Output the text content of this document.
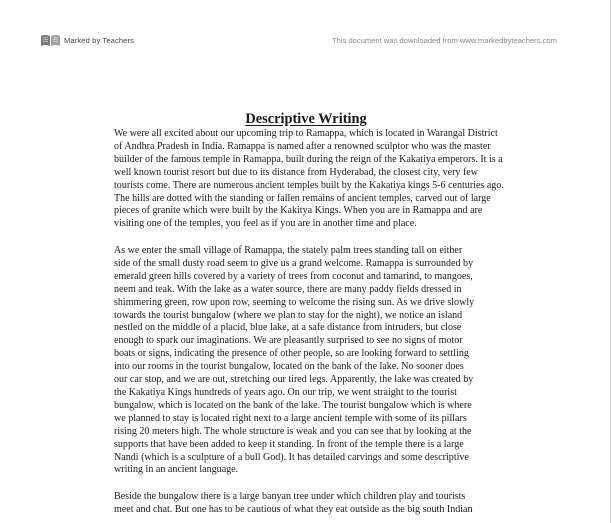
Marked by Teachers	This document was downloaded from www.markedbyteachers.com
Descriptive Writing

We were all excited about our upcoming trip to Ramappa, which is located in Warangal District
of Andhra Pradesh in India. Ramappa is named after a renowned sculptor who was the master
builder of the famous temple in Ramappa, built during the reign of the Kakatiya emperors. It is a
well known tourist resort but due to its distance from Hyderabad, the closest city, very few
tourists come. There are numerous ancient temples built by the Kakatiya kings 5-6 centuries ago.
The hills are dotted with the standing or fallen remains of ancient temples, carved out of large
pieces of granite which were built by the Kakitya Kings. When you are in Ramappa and are
visiting one of the temples, you feel as if you are in another time and place.

As we enter the small village of Ramappa, the stately palm trees standing tall on either
side of the small dusty road seem to give us a grand welcome. Ramappa is surrounded by
emerald green hills covered by a variety of trees from coconut and tamarind, to mangoes,
neem and teak. With the lake as a water source, there are many paddy fields dressed in
shimmering green, row upon row, seeming to welcome the rising sun. As we drive slowly
towards the tourist bungalow (where we plan to stay for the night), we notice an island
nestled on the middle of a placid, blue lake, at a safe distance from intruders, but close
enough to spark our imaginations. We are pleasantly surprised to see no signs of motor
boats or signs, indicating the presence of other people, so are looking forward to settling
into our rooms in the tourist bungalow, located on the bank of the lake. No sooner does
our car stop, and we are out, stretching our tired legs. Apparently, the lake was created by
the Kakatiya Kings hundreds of years ago. On our trip, we went straight to the tourist
bungalow, which is located on the bank of the lake. The tourist bungalow which is where
we planned to stay is located right next to a large ancient temple with some of its pillars
rising 20 meters high. The whole structure is weak and you can see that by looking at the
supports that have been added to keep it standing. In front of the temple there is a large
Nandi (which is a sculpture of a bull God). It has detailed carvings and some descriptive
writing in an ancient language.

Beside the bungalow there is a large banyan tree under which children play and tourists
meet and chat. But one has to be cautious of what they eat outside as the big south Indian
